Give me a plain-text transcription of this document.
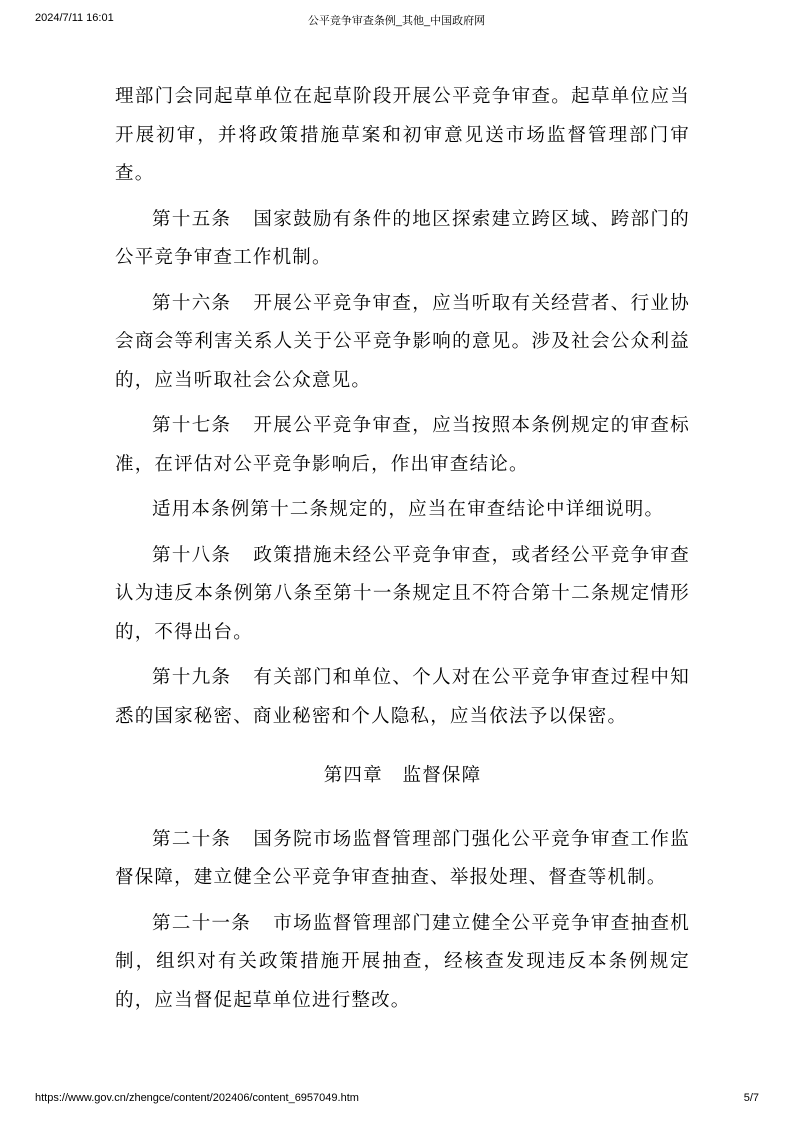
2024/7/11 16:01	公平竞争审查条例_其他_中国政府网

理部门会同起草单位在起草阶段开展公平竞争审查。起草单位应当开展初审，并将政策措施草案和初审意见送市场监督管理部门审查。

第十五条 国家鼓励有条件的地区探索建立跨区域、跨部门的公平竞争审查工作机制。

第十六条 开展公平竞争审查，应当听取有关经营者、行业协会商会等利害关系人关于公平竞争影响的意见。涉及社会公众利益的，应当听取社会公众意见。

第十七条 开展公平竞争审查，应当按照本条例规定的审查标准，在评估对公平竞争影响后，作出审查结论。

适用本条例第十二条规定的，应当在审查结论中详细说明。

第十八条 政策措施未经公平竞争审查，或者经公平竞争审查认为违反本条例第八条至第十一条规定且不符合第十二条规定情形的，不得出台。

第十九条 有关部门和单位、个人对在公平竞争审查过程中知悉的国家秘密、商业秘密和个人隐私，应当依法予以保密。

第四章　监督保障

第二十条 国务院市场监督管理部门强化公平竞争审查工作监督保障，建立健全公平竞争审查抽查、举报处理、督查等机制。

第二十一条 市场监督管理部门建立健全公平竞争审查抽查机制，组织对有关政策措施开展抽查，经核查发现违反本条例规定的，应当督促起草单位进行整改。

https://www.gov.cn/zhengce/content/202406/content_6957049.htm	5/7
